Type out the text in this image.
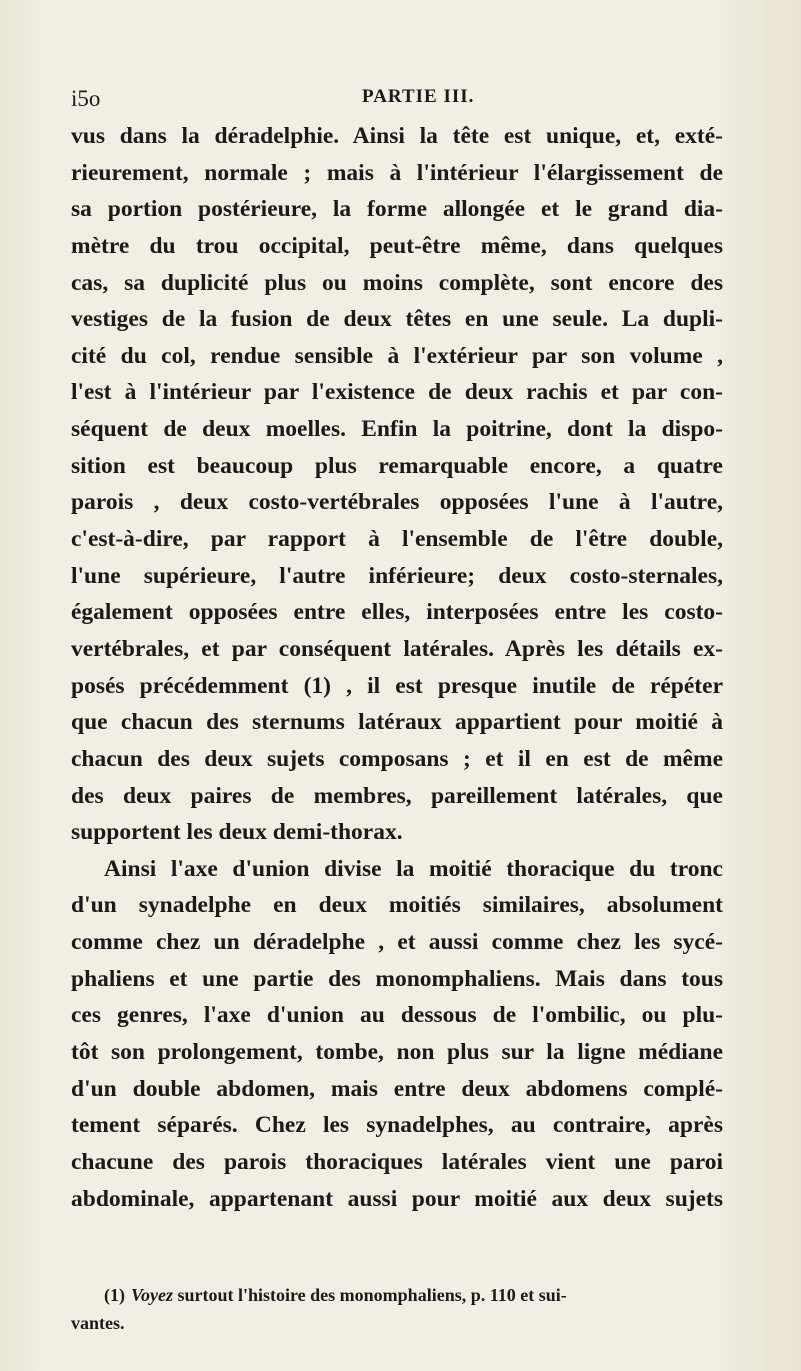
i5o	PARTIE III.
vus dans la déradelphie. Ainsi la tête est unique, et, exté-
rieurement, normale ; mais à l'intérieur l'élargissement de
sa portion postérieure, la forme allongée et le grand dia-
mètre du trou occipital, peut-être même, dans quelques
cas, sa duplicité plus ou moins complète, sont encore des
vestiges de la fusion de deux têtes en une seule. La dupli-
cité du col, rendue sensible à l'extérieur par son volume ,
l'est à l'intérieur par l'existence de deux rachis et par con-
séquent de deux moelles. Enfin la poitrine, dont la dispo-
sition est beaucoup plus remarquable encore, a quatre
parois , deux costo-vertébrales opposées l'une à l'autre,
c'est-à-dire, par rapport à l'ensemble de l'être double,
l'une supérieure, l'autre inférieure; deux costo-sternales,
également opposées entre elles, interposées entre les costo-
vertébrales, et par conséquent latérales. Après les détails ex-
posés précédemment (1) , il est presque inutile de répéter
que chacun des sternums latéraux appartient pour moitié à
chacun des deux sujets composans ; et il en est de même
des deux paires de membres, pareillement latérales, que
supportent les deux demi-thorax.
Ainsi l'axe d'union divise la moitié thoracique du tronc
d'un synadelphe en deux moitiés similaires, absolument
comme chez un déradelphe , et aussi comme chez les sycé-
phaliens et une partie des monomphaliens. Mais dans tous
ces genres, l'axe d'union au dessous de l'ombilic, ou plu-
tôt son prolongement, tombe, non plus sur la ligne médiane
d'un double abdomen, mais entre deux abdomens complé-
tement séparés. Chez les synadelphes, au contraire, après
chacune des parois thoraciques latérales vient une paroi
abdominale, appartenant aussi pour moitié aux deux sujets
(1) Voyez surtout l'histoire des monomphaliens, p. 110 et sui-
vantes.
